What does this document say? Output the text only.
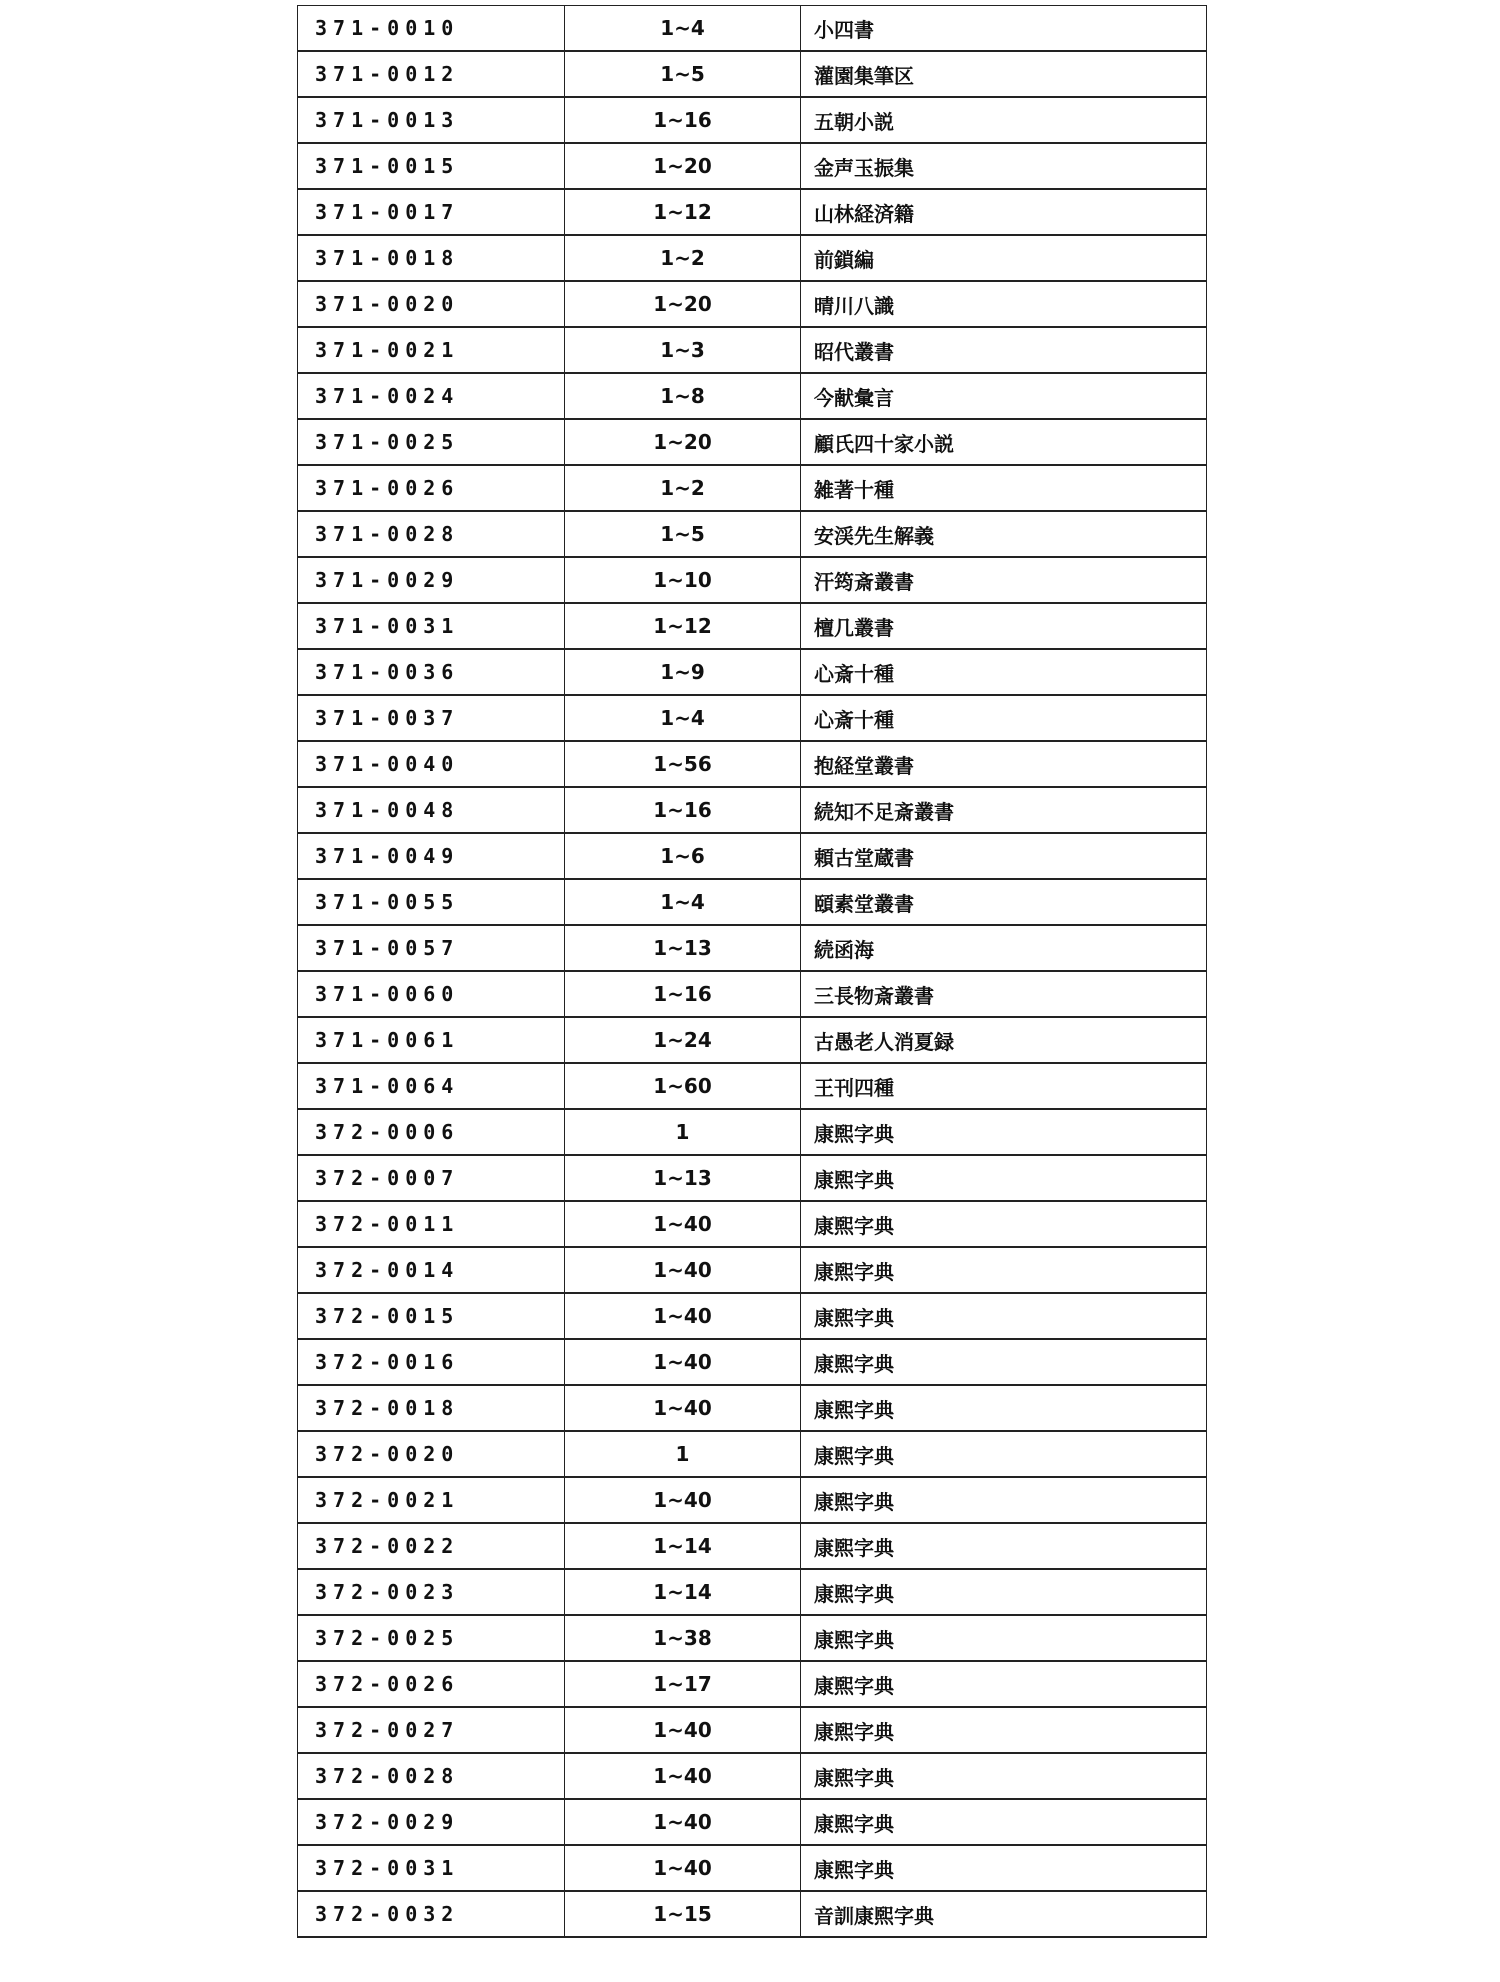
371-0010	1~4	小四書
371-0012	1~5	灌園集筆区
371-0013	1~16	五朝小説
371-0015	1~20	金声玉振集
371-0017	1~12	山林経済籍
371-0018	1~2	前鎖編
371-0020	1~20	晴川八識
371-0021	1~3	昭代叢書
371-0024	1~8	今献彙言
371-0025	1~20	顧氏四十家小説
371-0026	1~2	雑著十種
371-0028	1~5	安渓先生解義
371-0029	1~10	汗筠斎叢書
371-0031	1~12	檀几叢書
371-0036	1~9	心斎十種
371-0037	1~4	心斎十種
371-0040	1~56	抱経堂叢書
371-0048	1~16	続知不足斎叢書
371-0049	1~6	頼古堂蔵書
371-0055	1~4	頤素堂叢書
371-0057	1~13	続函海
371-0060	1~16	三長物斎叢書
371-0061	1~24	古愚老人消夏録
371-0064	1~60	王刊四種
372-0006	1	康煕字典
372-0007	1~13	康煕字典
372-0011	1~40	康煕字典
372-0014	1~40	康煕字典
372-0015	1~40	康煕字典
372-0016	1~40	康煕字典
372-0018	1~40	康煕字典
372-0020	1	康煕字典
372-0021	1~40	康煕字典
372-0022	1~14	康煕字典
372-0023	1~14	康煕字典
372-0025	1~38	康煕字典
372-0026	1~17	康煕字典
372-0027	1~40	康煕字典
372-0028	1~40	康煕字典
372-0029	1~40	康煕字典
372-0031	1~40	康煕字典
372-0032	1~15	音訓康煕字典
